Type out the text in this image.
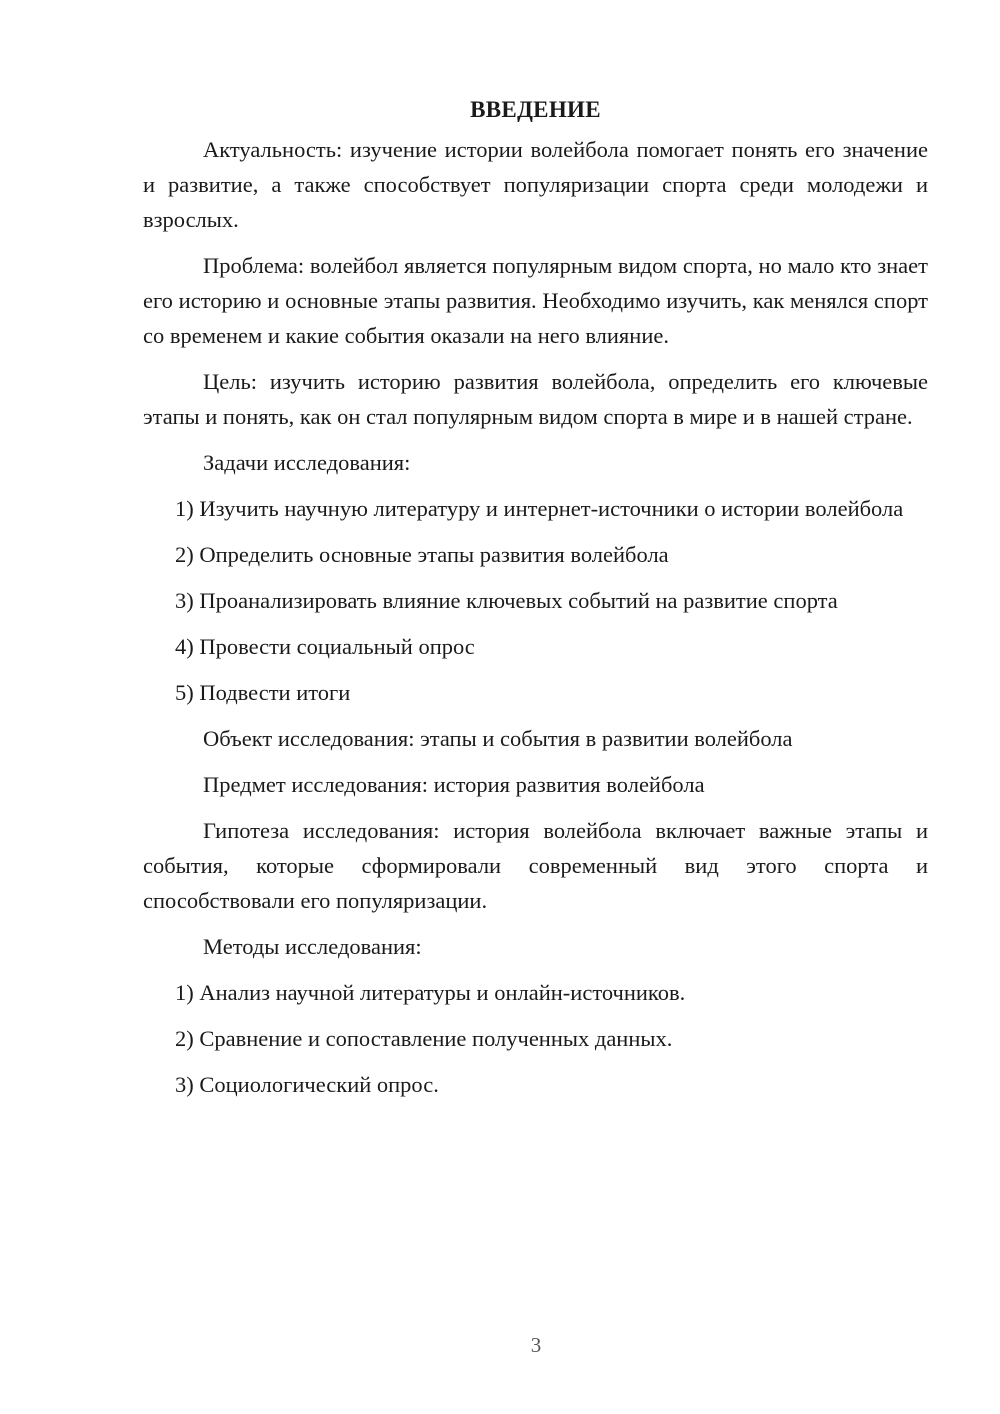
ВВЕДЕНИЕ

Актуальность: изучение истории волейбола помогает понять его значение и развитие, а также способствует популяризации спорта среди молодежи и взрослых.

Проблема: волейбол является популярным видом спорта, но мало кто знает его историю и основные этапы развития. Необходимо изучить, как менялся спорт со временем и какие события оказали на него влияние.

Цель: изучить историю развития волейбола, определить его ключевые этапы и понять, как он стал популярным видом спорта в мире и в нашей стране.

Задачи исследования:

1) Изучить научную литературу и интернет-источники о истории волейбола

2) Определить основные этапы развития волейбола

3) Проанализировать влияние ключевых событий на развитие спорта

4) Провести социальный опрос

5) Подвести итоги

Объект исследования: этапы и события в развитии волейбола

Предмет исследования: история развития волейбола

Гипотеза исследования: история волейбола включает важные этапы и события, которые сформировали современный вид этого спорта и способствовали его популяризации.

Методы исследования:

1) Анализ научной литературы и онлайн-источников.

2) Сравнение и сопоставление полученных данных.

3) Социологический опрос.

3
